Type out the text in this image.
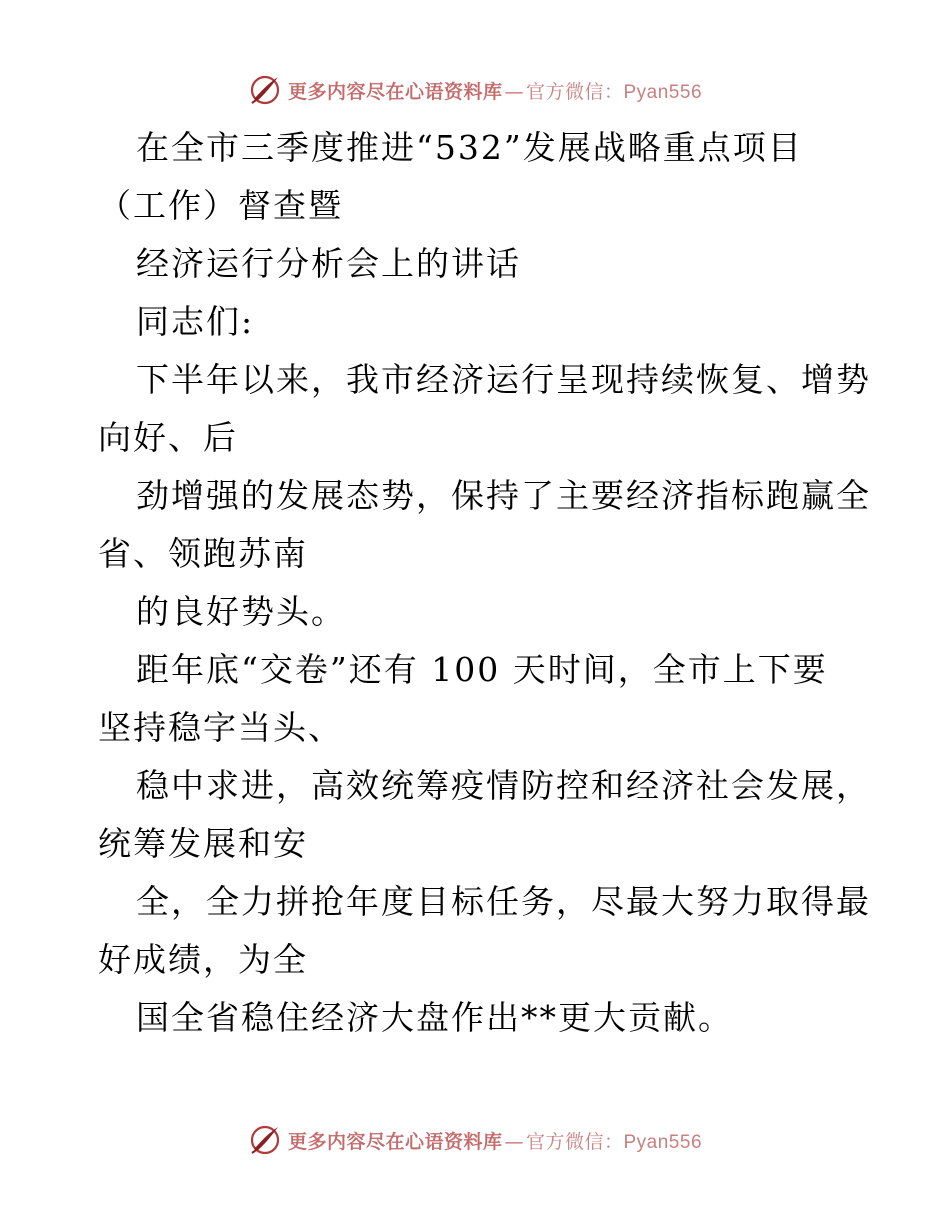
更多内容尽在心语资料库 — 官方微信： Pyan556
在全市三季度推进“532”发展战略重点项目
（工作）督查暨
经济运行分析会上的讲话
同志们:
下半年以来，我市经济运行呈现持续恢复、增势
向好、后
劲增强的发展态势，保持了主要经济指标跑赢全
省、领跑苏南
的良好势头。
距年底“交卷”还有 100 天时间，全市上下要
坚持稳字当头、
稳中求进，高效统筹疫情防控和经济社会发展，
统筹发展和安
全，全力拼抢年度目标任务，尽最大努力取得最
好成绩，为全
国全省稳住经济大盘作出**更大贡献。
更多内容尽在心语资料库 — 官方微信： Pyan556
